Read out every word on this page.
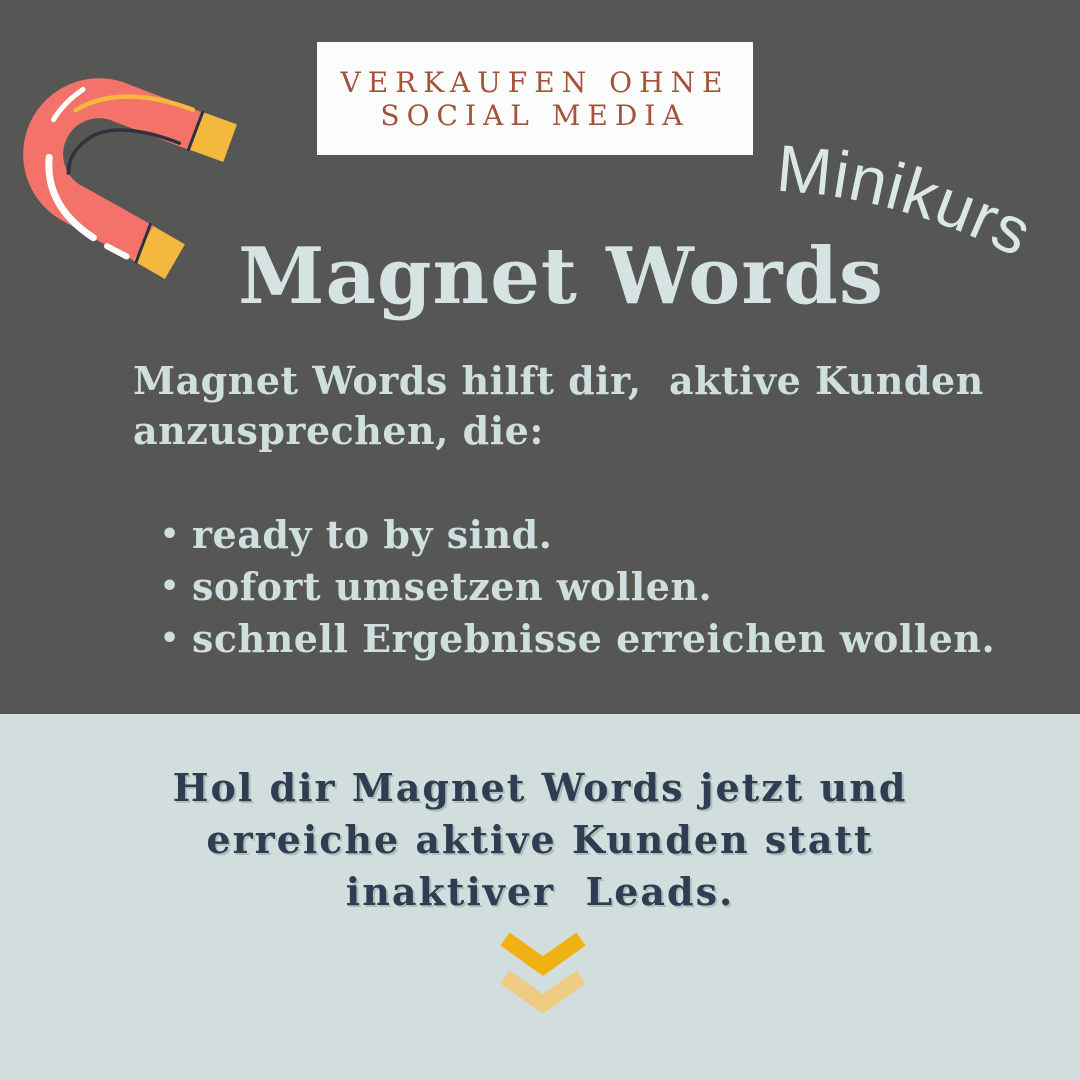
VERKAUFEN OHNE
SOCIAL MEDIA
Minikurs
Magnet Words

Magnet Words hilft dir,  aktive Kunden
anzusprechen, die:

• ready to by sind.
• sofort umsetzen wollen.
• schnell Ergebnisse erreichen wollen.

Hol dir Magnet Words jetzt und
erreiche aktive Kunden statt
inaktiver  Leads.
